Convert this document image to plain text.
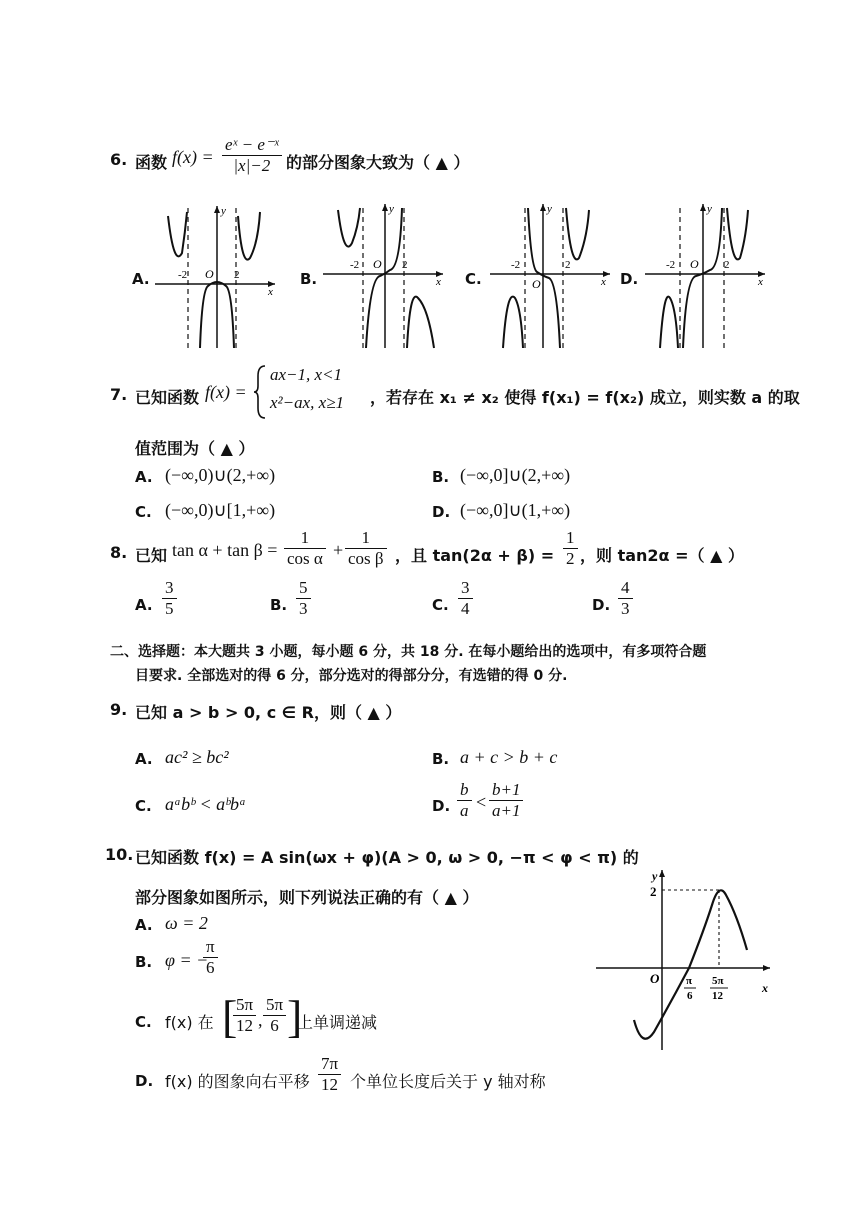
6. 函数 $f(x) = \frac{\text{eˣ − e⁻ˣ}}{|x|-2}$ 的部分图象大致为（ ▲ ）
A.	B.	C.	D.
-2	2
O
x
y
-2	2
O
x
y
-2	2
O	x
y
-2	2
O
x
y
7. 已知函数 f(x) =
ax−1, x<1
x²−ax, x≥1 ，若存在 x₁ ≠ x₂ 使得 f(x₁) = f(x₂) 成立，则实数 a 的取
值范围为（ ▲ ）
A. (−∞,0)∪(2,+∞)	B. (−∞,0]∪(2,+∞)
C. (−∞,0)∪[1,+∞)	D. (−∞,0]∪(1,+∞)
8. 已知 $\tan \alpha + \tan \beta = \frac{1}{\text{cos α}} + \frac{1}{\text{cos β}}$ ，且 $\tan(2\alpha + \beta) = \frac{1}{2}$ ，则 tan2α =（ ▲ ）
A. $\frac{3}{5}$	B. $\frac{5}{3}$	C. $\frac{3}{4}$	D. $\frac{4}{3}$
二、选择题：本大题共 3 小题，每小题 6 分，共 18 分. 在每小题给出的选项中，有多项符合题
目要求. 全部选对的得 6 分，部分选对的得部分分，有选错的得 0 分.
9. 已知 a > b > 0, c ∈ R，则（ ▲ ）
A. ac² ≥ bc²	B. a + c > b + c
C. aᵃbᵇ < aᵇbᵃ	D. $\frac{b}{a} < \frac{b+1}{a+1}$
10. 已知函数 f(x) = A sin(ωx + φ)(A > 0, ω > 0, −π < φ < π) 的
部分图象如图所示，则下列说法正确的有（ ▲ ）
A. ω = 2
B. φ = −
$\frac{\pi}{6}$
C. f(x) 在 [
$\frac{5\pi}{12}$ , $\frac{5\pi}{6}$ ]
上单调递减
D. f(x) 的图象向右平移 $\frac{7\pi}{12}$ 个单位长度后关于 y 轴对称
y
x
O
2
π
6
5π
12
